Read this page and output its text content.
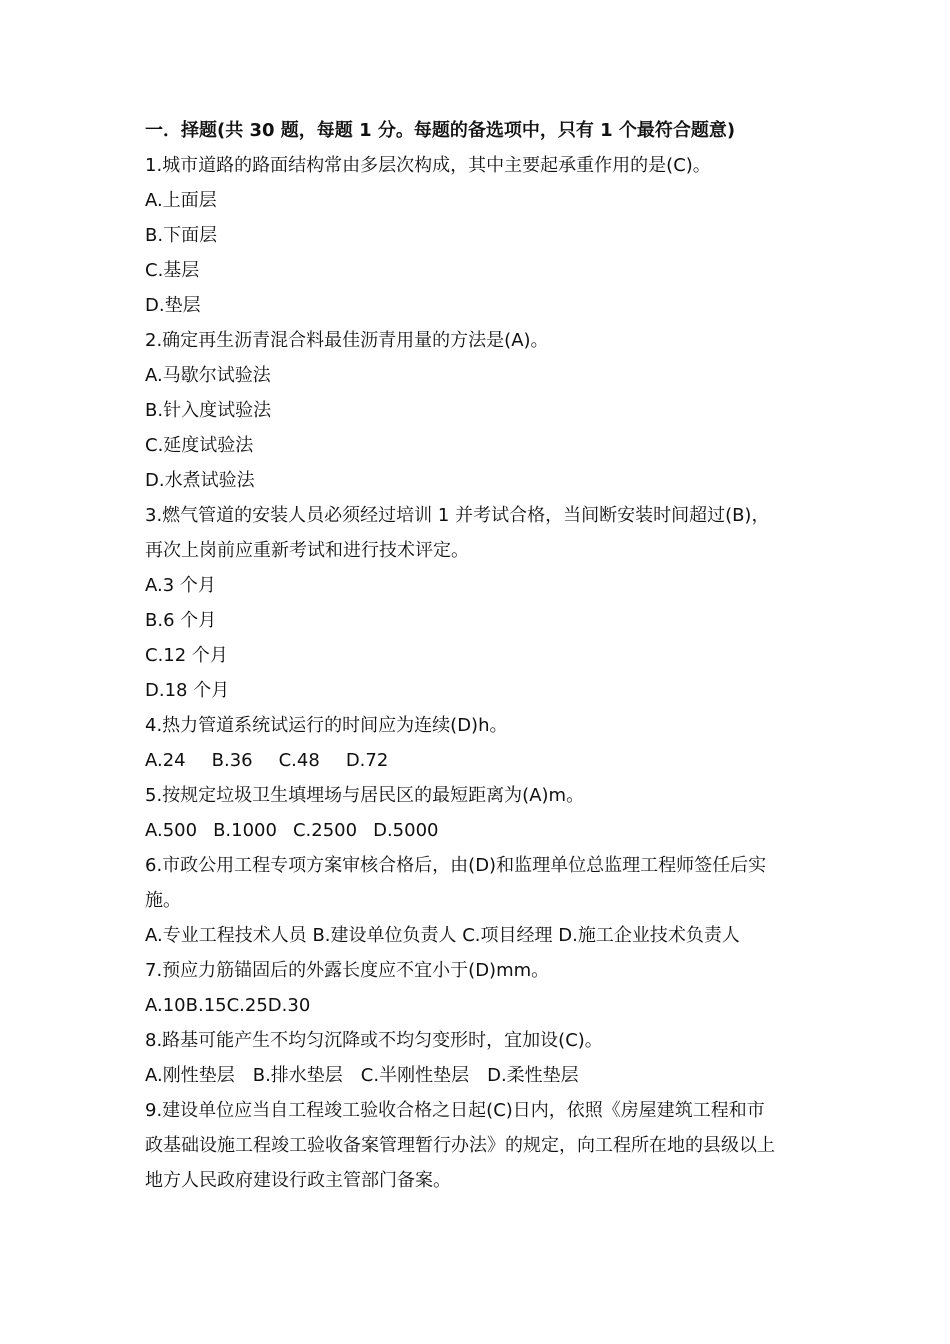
一．择题(共 30 题，每题 1 分。每题的备选项中，只有 1 个最符合题意)
1.城市道路的路面结构常由多层次构成，其中主要起承重作用的是(C)。
A.上面层
B.下面层
C.基层
D.垫层
2.确定再生沥青混合料最佳沥青用量的方法是(A)。
A.马歇尔试验法
B.针入度试验法
C.延度试验法
D.水煮试验法
3.燃气管道的安装人员必须经过培训 1 并考试合格，当间断安装时间超过(B)，
再次上岗前应重新考试和进行技术评定。
A.3 个月
B.6 个月
C.12 个月
D.18 个月
4.热力管道系统试运行的时间应为连续(D)h。
A.24 B.36 C.48 D.72
5.按规定垃圾卫生填埋场与居民区的最短距离为(A)m。
A.500 B.1000 C.2500 D.5000
6.市政公用工程专项方案审核合格后，由(D)和监理单位总监理工程师签任后实
施。
A.专业工程技术人员 B.建设单位负责人 C.项目经理 D.施工企业技术负责人
7.预应力筋锚固后的外露长度应不宜小于(D)mm。
A.10B.15C.25D.30
8.路基可能产生不均匀沉降或不均匀变形时，宜加设(C)。
A.刚性垫层 B.排水垫层 C.半刚性垫层 D.柔性垫层
9.建设单位应当自工程竣工验收合格之日起(C)日内，依照《房屋建筑工程和市
政基础设施工程竣工验收备案管理暂行办法》的规定，向工程所在地的县级以上
地方人民政府建设行政主管部门备案。
